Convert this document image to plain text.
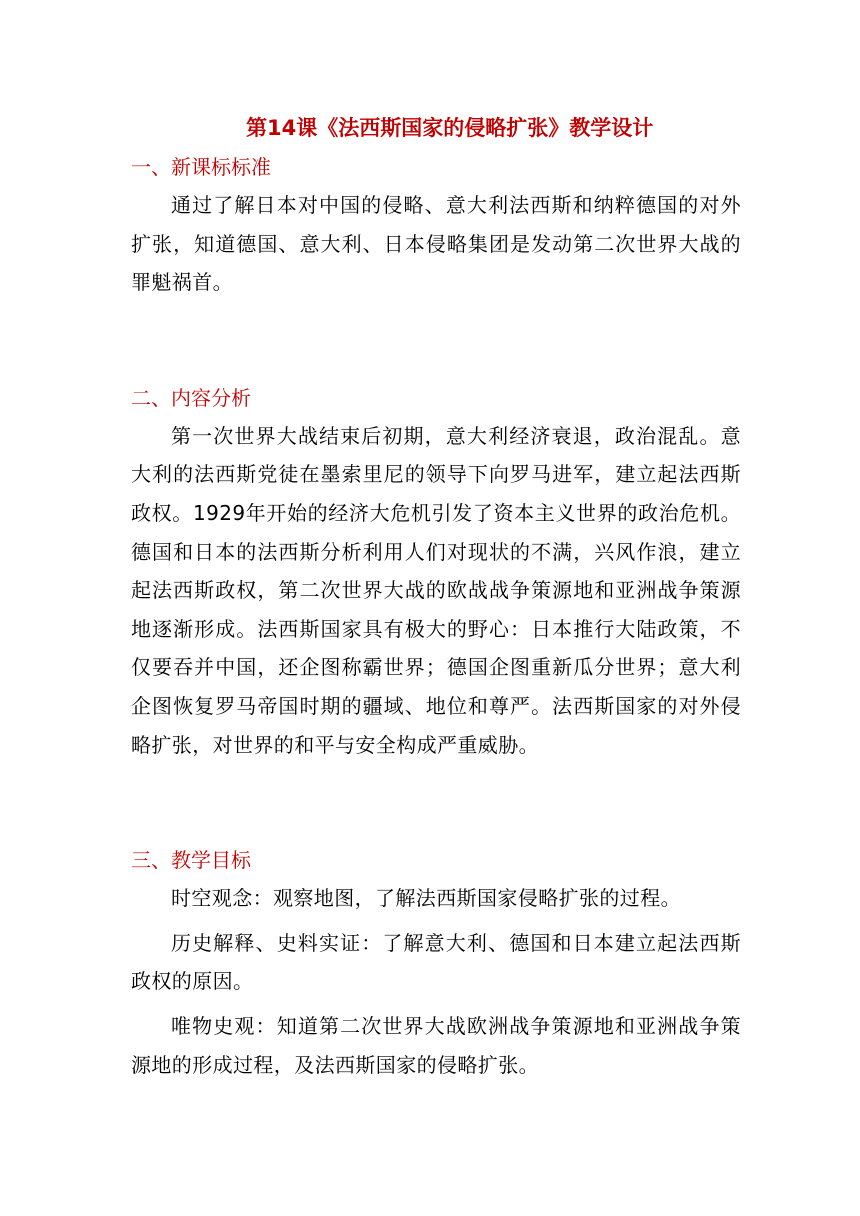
第14课《法西斯国家的侵略扩张》教学设计
一、新课标标准

通过了解日本对中国的侵略、意大利法西斯和纳粹德国的对外扩张，知道德国、意大利、日本侵略集团是发动第二次世界大战的罪魁祸首。

二、内容分析

第一次世界大战结束后初期，意大利经济衰退，政治混乱。意大利的法西斯党徒在墨索里尼的领导下向罗马进军，建立起法西斯政权。1929年开始的经济大危机引发了资本主义世界的政治危机。德国和日本的法西斯分析利用人们对现状的不满，兴风作浪，建立起法西斯政权，第二次世界大战的欧战战争策源地和亚洲战争策源地逐渐形成。法西斯国家具有极大的野心：日本推行大陆政策，不仅要吞并中国，还企图称霸世界；德国企图重新瓜分世界；意大利企图恢复罗马帝国时期的疆域、地位和尊严。法西斯国家的对外侵略扩张，对世界的和平与安全构成严重威胁。

三、教学目标

时空观念：观察地图，了解法西斯国家侵略扩张的过程。

历史解释、史料实证：了解意大利、德国和日本建立起法西斯政权的原因。

唯物史观：知道第二次世界大战欧洲战争策源地和亚洲战争策源地的形成过程，及法西斯国家的侵略扩张。
